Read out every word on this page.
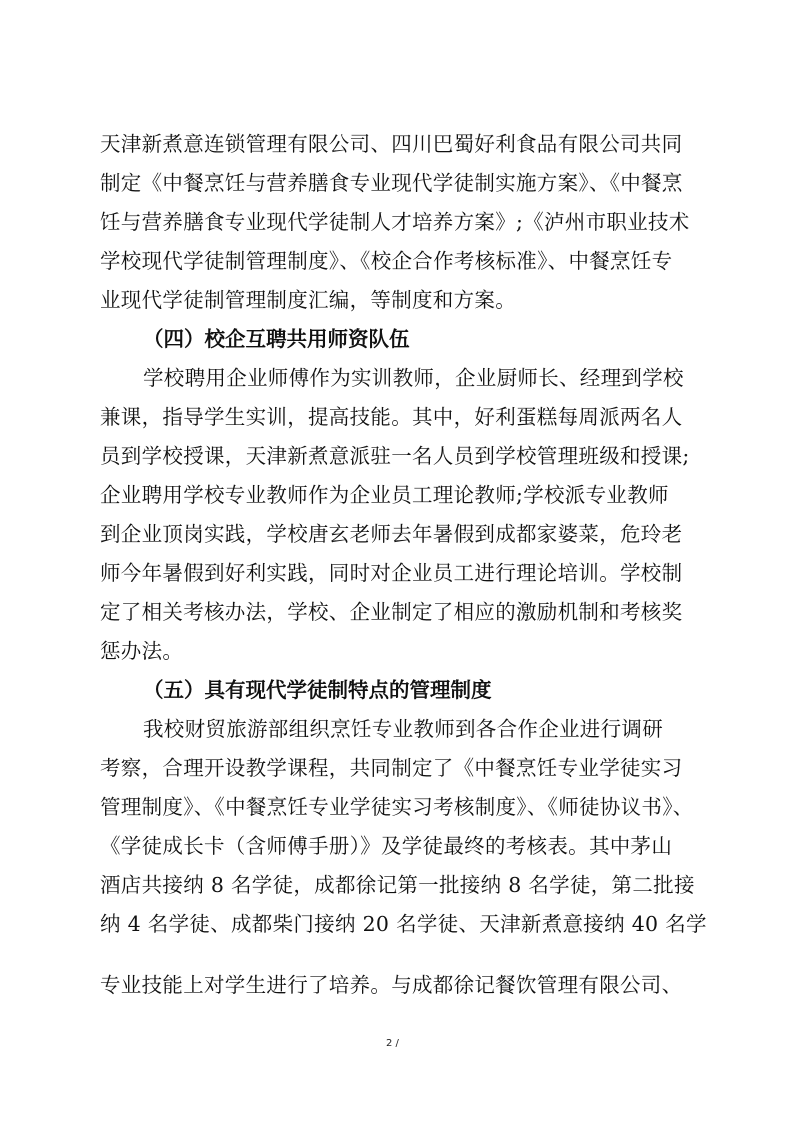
天津新煮意连锁管理有限公司、四川巴蜀好利食品有限公司共同
制定《中餐烹饪与营养膳食专业现代学徒制实施方案》、《中餐烹
饪与营养膳食专业现代学徒制人才培养方案》;《泸州市职业技术
学校现代学徒制管理制度》、《校企合作考核标准》、中餐烹饪专
业现代学徒制管理制度汇编，等制度和方案。
（四）校企互聘共用师资队伍
学校聘用企业师傅作为实训教师，企业厨师长、经理到学校
兼课，指导学生实训，提高技能。其中，好利蛋糕每周派两名人
员到学校授课，天津新煮意派驻一名人员到学校管理班级和授课;
企业聘用学校专业教师作为企业员工理论教师;学校派专业教师
到企业顶岗实践，学校唐玄老师去年暑假到成都家婆菜，危玲老
师今年暑假到好利实践，同时对企业员工进行理论培训。学校制
定了相关考核办法，学校、企业制定了相应的激励机制和考核奖
惩办法。
（五）具有现代学徒制特点的管理制度
我校财贸旅游部组织烹饪专业教师到各合作企业进行调研
考察，合理开设教学课程，共同制定了《中餐烹饪专业学徒实习
管理制度》、《中餐烹饪专业学徒实习考核制度》、《师徒协议书》、
《学徒成长卡（含师傅手册）》及学徒最终的考核表。其中茅山
酒店共接纳 8 名学徒，成都徐记第一批接纳 8 名学徒，第二批接
纳 4 名学徒、成都柴门接纳 20 名学徒、天津新煮意接纳 40 名学
专业技能上对学生进行了培养。与成都徐记餐饮管理有限公司、
2 /
